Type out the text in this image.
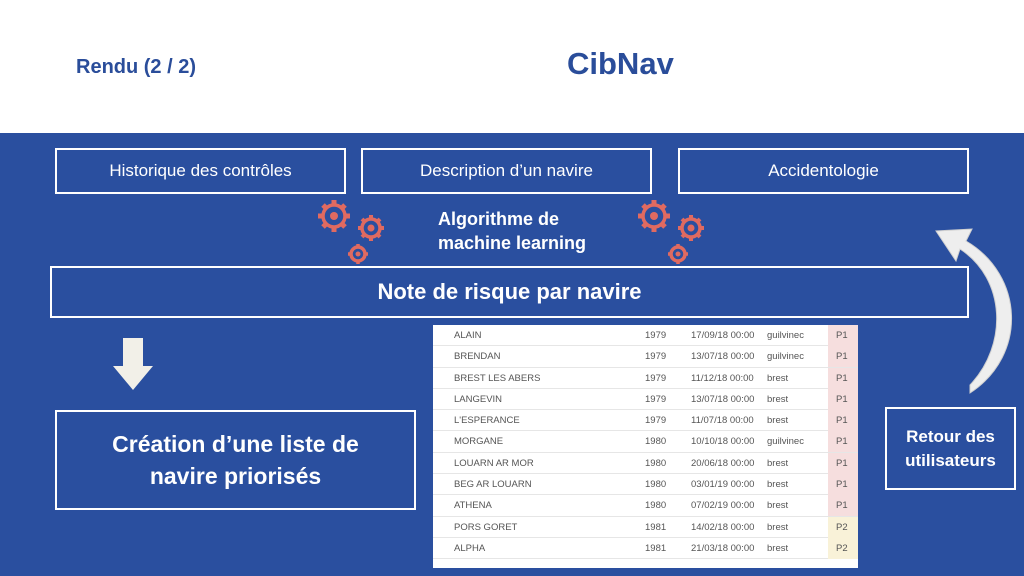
Rendu (2 / 2)	CibNav
Historique des contrôles	Description d’un navire	Accidentologie
Algorithme de
machine learning
Note de risque par navire
Création d’une liste de
navire priorisés
ALAIN	1979	17/09/18 00:00 guilvinec	P1
BRENDAN	1979	13/07/18 00:00 guilvinec	P1
BREST LES ABERS	1979	11/12/18 00:00 brest	P1
LANGEVIN	1979	13/07/18 00:00 brest	P1
L'ESPERANCE	1979	11/07/18 00:00 brest	P1
MORGANE	1980	10/10/18 00:00 guilvinec	P1
LOUARN AR MOR	1980	20/06/18 00:00 brest	P1
BEG AR LOUARN	1980	03/01/19 00:00 brest	P1
ATHENA	1980	07/02/19 00:00 brest	P1
PORS GORET	1981	14/02/18 00:00 brest	P2
ALPHA	1981	21/03/18 00:00 brest	P2
Retour des
utilisateurs
